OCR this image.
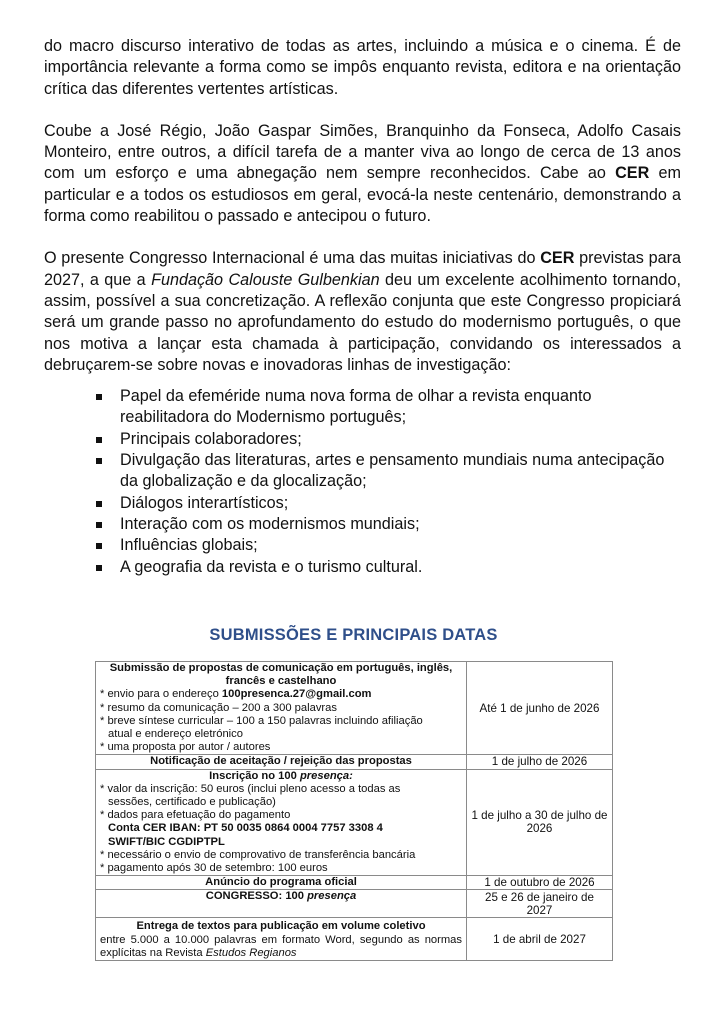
do macro discurso interativo de todas as artes, incluindo a música e o cinema. É de importância relevante a forma como se impôs enquanto revista, editora e na orientação crítica das diferentes vertentes artísticas.

Coube a José Régio, João Gaspar Simões, Branquinho da Fonseca, Adolfo Casais Monteiro, entre outros, a difícil tarefa de a manter viva ao longo de cerca de 13 anos com um esforço e uma abnegação nem sempre reconhecidos. Cabe ao CER em particular e a todos os estudiosos em geral, evocá-la neste centenário, demonstrando a forma como reabilitou o passado e antecipou o futuro.

O presente Congresso Internacional é uma das muitas iniciativas do CER previstas para 2027, a que a Fundação Calouste Gulbenkian deu um excelente acolhimento tornando, assim, possível a sua concretização. A reflexão conjunta que este Congresso propiciará será um grande passo no aprofundamento do estudo do modernismo português, o que nos motiva a lançar esta chamada à participação, convidando os interessados a debruçarem-se sobre novas e inovadoras linhas de investigação:

Papel da efeméride numa nova forma de olhar a revista enquanto reabilitadora do Modernismo português;
Principais colaboradores;
Divulgação das literaturas, artes e pensamento mundiais numa antecipação da globalização e da glocalização;
Diálogos interartísticos;
Interação com os modernismos mundiais;
Influências globais;
A geografia da revista e o turismo cultural.
SUBMISSÕES E PRINCIPAIS DATAS
Submissão de propostas de comunicação em português, inglês, francês e castelhano
* envio para o endereço 100presenca.27@gmail.com
* resumo da comunicação – 200 a 300 palavras
* breve síntese curricular – 100 a 150 palavras incluindo afiliação
atual e endereço eletrónico
* uma proposta por autor / autores
	Até 1 de junho de 2026

Notificação de aceitação / rejeição das propostas	1 de julho de 2026

Inscrição no 100 presença:
* valor da inscrição: 50 euros (inclui pleno acesso a todas as
sessões, certificado e publicação)
* dados para efetuação do pagamento
Conta CER IBAN: PT 50 0035 0864 0004 7757 3308 4
SWIFT/BIC CGDIPTPL
* necessário o envio de comprovativo de transferência bancária
* pagamento após 30 de setembro: 100 euros
	1 de julho a 30 de julho de 2026

Anúncio do programa oficial	1 de outubro de 2026

CONGRESSO: 100 presença	25 e 26 de janeiro de 2027

Entrega de textos para publicação em volume coletivo
entre 5.000 a 10.000 palavras em formato Word, segundo as normas explícitas na Revista Estudos Regianos	1 de abril de 2027
